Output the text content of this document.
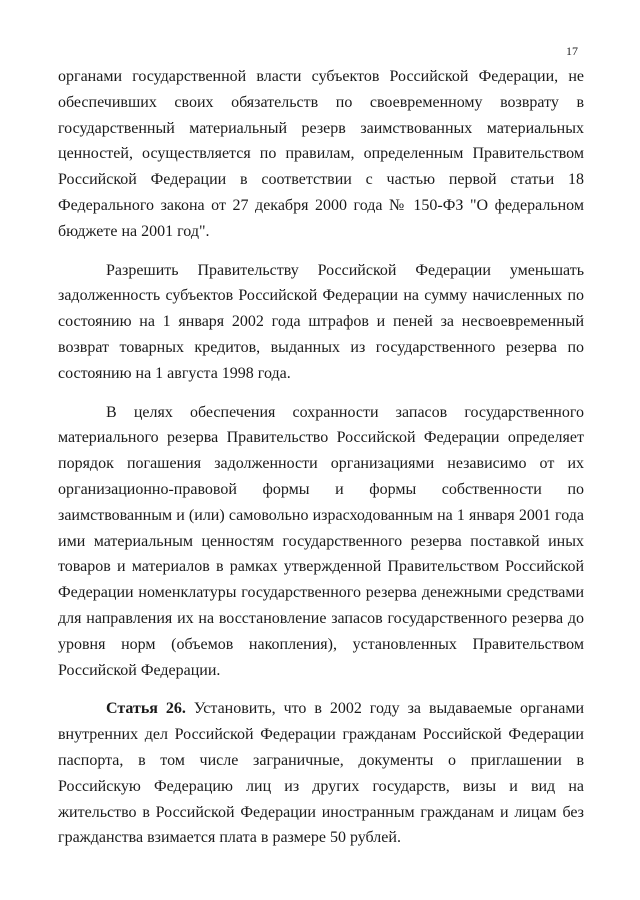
17

органами государственной власти субъектов Российской Федерации, не обеспечивших своих обязательств по своевременному возврату в государственный материальный резерв заимствованных материальных ценностей, осуществляется по правилам, определенным Правительством Российской Федерации в соответствии с частью первой статьи 18 Федерального закона от 27 декабря 2000 года № 150-ФЗ "О федеральном бюджете на 2001 год".

Разрешить Правительству Российской Федерации уменьшать задолженность субъектов Российской Федерации на сумму начисленных по состоянию на 1 января 2002 года штрафов и пеней за несвоевременный возврат товарных кредитов, выданных из государственного резерва по состоянию на 1 августа 1998 года.

В целях обеспечения сохранности запасов государственного материального резерва Правительство Российской Федерации определяет порядок погашения задолженности организациями независимо от их организационно-правовой формы и формы собственности по заимствованным и (или) самовольно израсходованным на 1 января 2001 года ими материальным ценностям государственного резерва поставкой иных товаров и материалов в рамках утвержденной Правительством Российской Федерации номенклатуры государственного резерва денежными средствами для направления их на восстановление запасов государственного резерва до уровня норм (объемов накопления), установленных Правительством Российской Федерации.

Статья 26. Установить, что в 2002 году за выдаваемые органами внутренних дел Российской Федерации гражданам Российской Федерации паспорта, в том числе заграничные, документы о приглашении в Российскую Федерацию лиц из других государств, визы и вид на жительство в Российской Федерации иностранным гражданам и лицам без гражданства взимается плата в размере 50 рублей.
